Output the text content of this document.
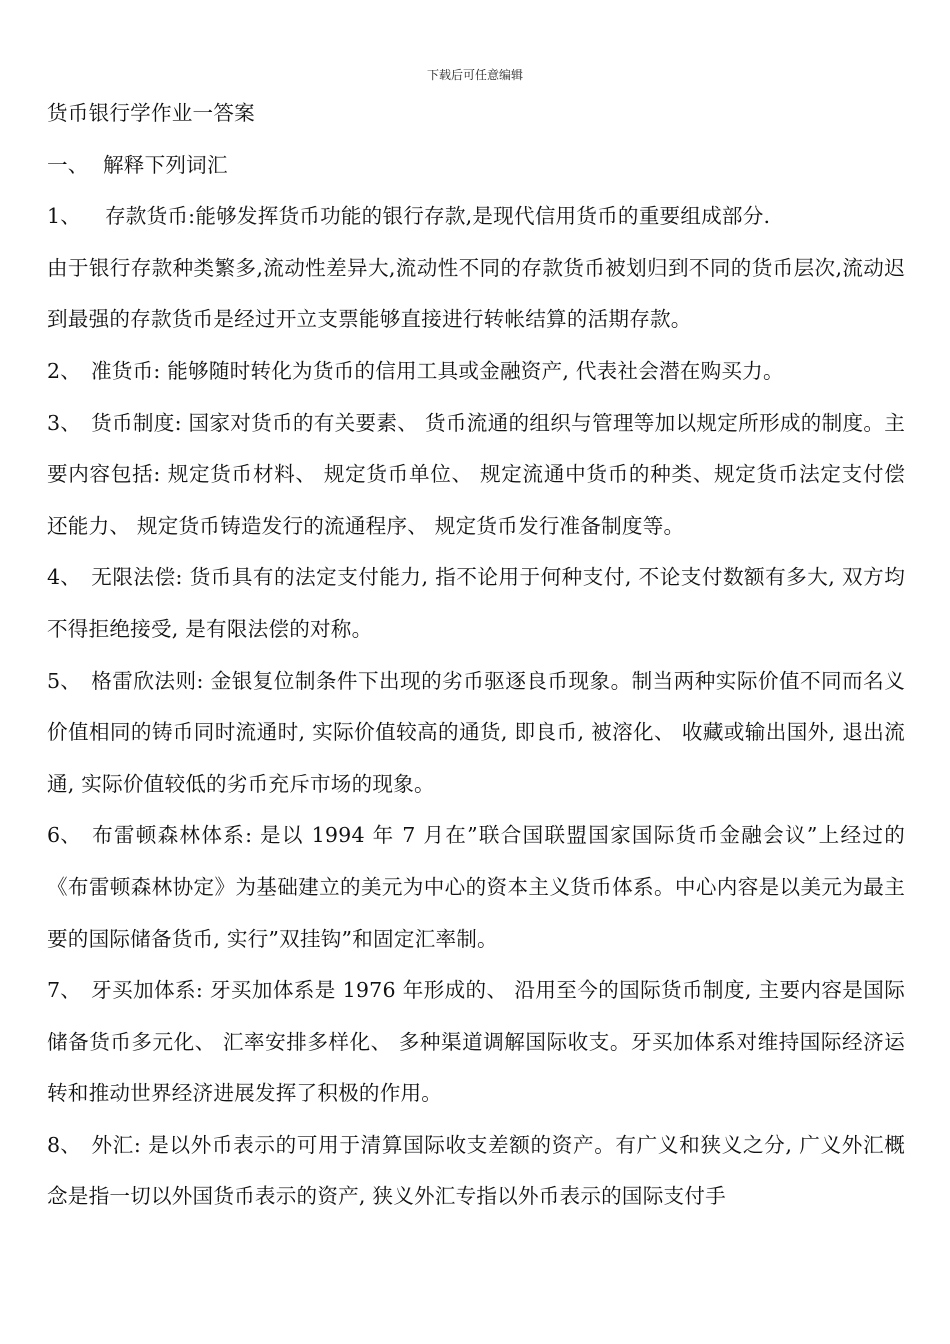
下载后可任意编辑

货币银行学作业一答案

一、 解释下列词汇

1、 存款货币:能够发挥货币功能的银行存款,是现代信用货币的重要组成部分.

由于银行存款种类繁多,流动性差异大,流动性不同的存款货币被划归到不同的货币层次,流动迟到最强的存款货币是经过开立支票能够直接进行转帐结算的活期存款。

2、 准货币: 能够随时转化为货币的信用工具或金融资产, 代表社会潜在购买力。

3、 货币制度: 国家对货币的有关要素、 货币流通的组织与管理等加以规定所形成的制度。主要内容包括: 规定货币材料、 规定货币单位、 规定流通中货币的种类、规定货币法定支付偿还能力、 规定货币铸造发行的流通程序、 规定货币发行准备制度等。

4、 无限法偿: 货币具有的法定支付能力, 指不论用于何种支付, 不论支付数额有多大, 双方均不得拒绝接受, 是有限法偿的对称。

5、 格雷欣法则: 金银复位制条件下出现的劣币驱逐良币现象。制当两种实际价值不同而名义价值相同的铸币同时流通时, 实际价值较高的通货, 即良币, 被溶化、 收藏或输出国外, 退出流通, 实际价值较低的劣币充斥市场的现象。

6、 布雷顿森林体系: 是以 1994 年 7 月在”联合国联盟国家国际货币金融会议”上经过的《布雷顿森林协定》为基础建立的美元为中心的资本主义货币体系。中心内容是以美元为最主要的国际储备货币, 实行”双挂钩”和固定汇率制。

7、 牙买加体系: 牙买加体系是 1976 年形成的、 沿用至今的国际货币制度, 主要内容是国际储备货币多元化、 汇率安排多样化、 多种渠道调解国际收支。牙买加体系对维持国际经济运转和推动世界经济进展发挥了积极的作用。

8、 外汇: 是以外币表示的可用于清算国际收支差额的资产。有广义和狭义之分, 广义外汇概念是指一切以外国货币表示的资产, 狭义外汇专指以外币表示的国际支付手
